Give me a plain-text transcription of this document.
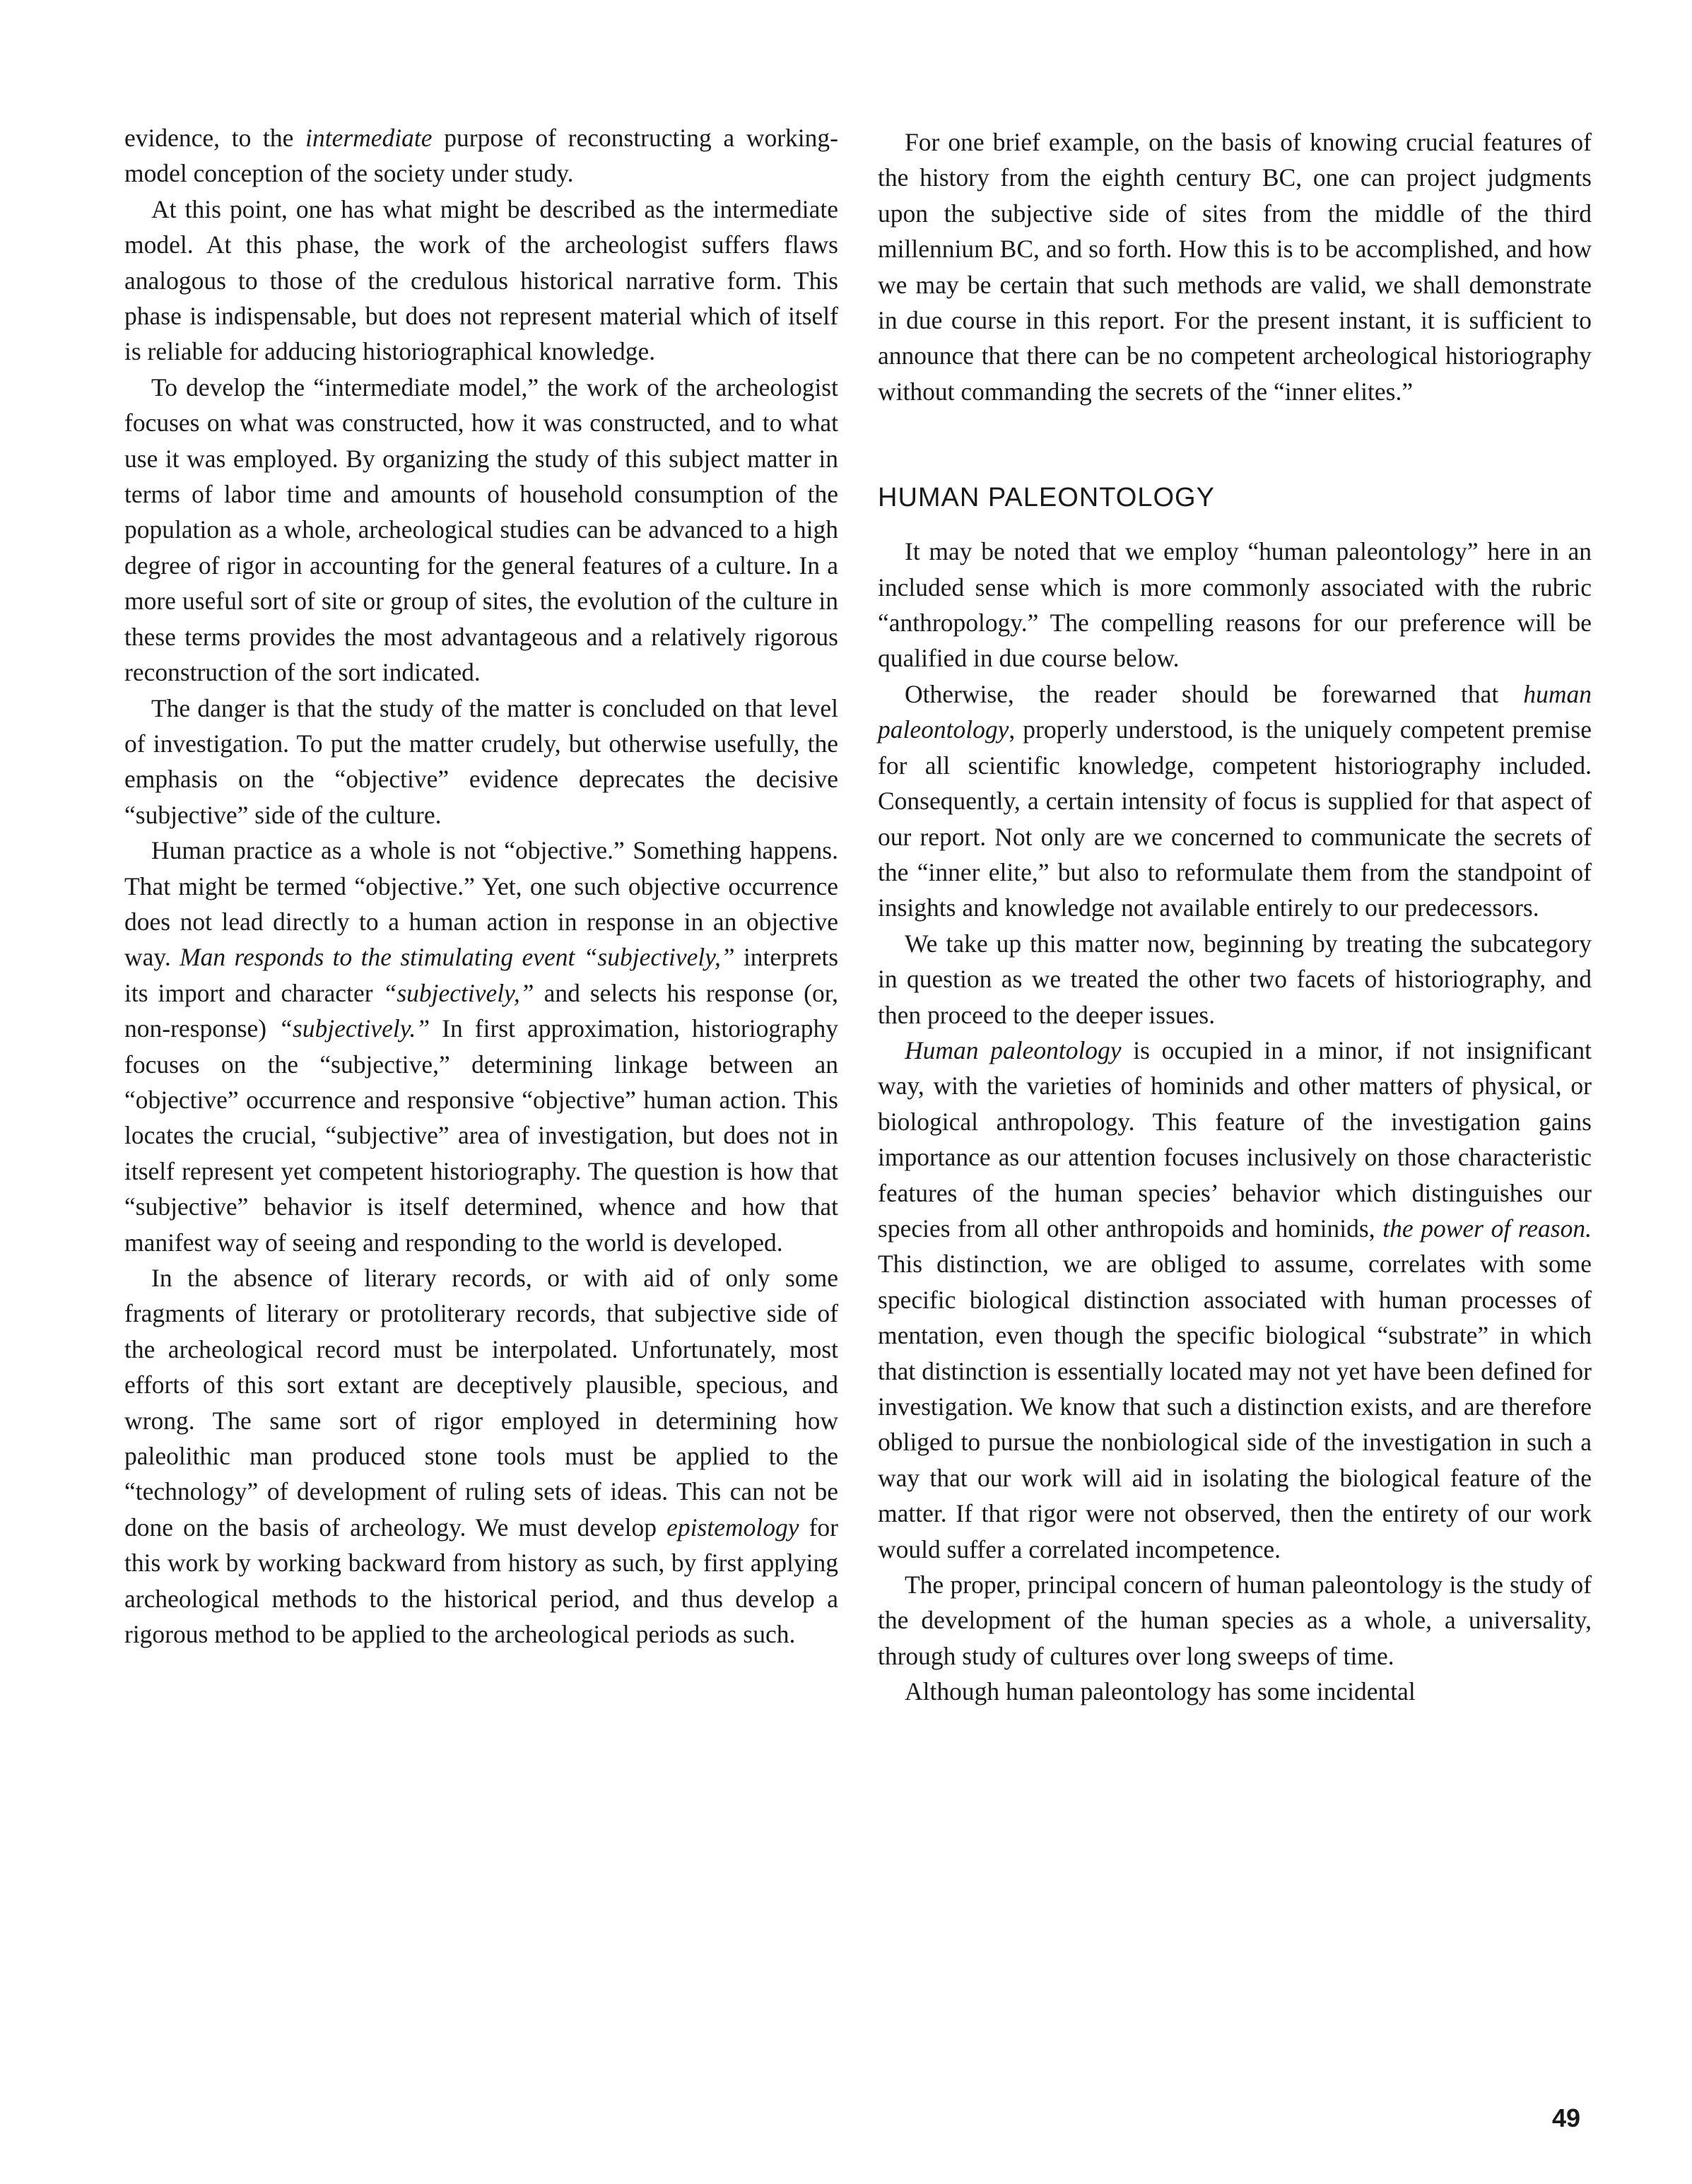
evidence, to the intermediate purpose of reconstructing a working-model conception of the society under study.

At this point, one has what might be described as the intermediate model. At this phase, the work of the archeologist suffers flaws analogous to those of the credulous historical narrative form. This phase is indispensable, but does not represent material which of itself is reliable for adducing historiographical knowledge.

To develop the “intermediate model,” the work of the archeologist focuses on what was constructed, how it was constructed, and to what use it was employed. By organizing the study of this subject matter in terms of labor time and amounts of household consumption of the population as a whole, archeological studies can be advanced to a high degree of rigor in accounting for the general features of a culture. In a more useful sort of site or group of sites, the evolution of the culture in these terms provides the most advantageous and a relatively rigorous reconstruction of the sort indicated.

The danger is that the study of the matter is concluded on that level of investigation. To put the matter crudely, but otherwise usefully, the emphasis on the “objective” evidence deprecates the decisive “subjective” side of the culture.

Human practice as a whole is not “objective.” Something happens. That might be termed “objective.” Yet, one such objective occurrence does not lead directly to a human action in response in an objective way. Man responds to the stimulating event “subjectively,” interprets its import and character “subjectively,” and selects his response (or, non-response) “subjectively.” In first approximation, historiography focuses on the “subjective,” determining linkage between an “objective” occurrence and responsive “objective” human action. This locates the crucial, “subjective” area of investigation, but does not in itself represent yet competent historiography. The question is how that “subjective” behavior is itself determined, whence and how that manifest way of seeing and responding to the world is developed.

In the absence of literary records, or with aid of only some fragments of literary or protoliterary records, that subjective side of the archeological record must be interpolated. Unfortunately, most efforts of this sort extant are deceptively plausible, specious, and wrong. The same sort of rigor employed in determining how paleolithic man produced stone tools must be applied to the “technology” of development of ruling sets of ideas. This can not be done on the basis of archeology. We must develop epistemology for this work by working backward from history as such, by first applying archeological methods to the historical period, and thus develop a rigorous method to be applied to the archeological periods as such.

For one brief example, on the basis of knowing crucial features of the history from the eighth century BC, one can project judgments upon the subjective side of sites from the middle of the third millennium BC, and so forth. How this is to be accomplished, and how we may be certain that such methods are valid, we shall demonstrate in due course in this report. For the present instant, it is sufficient to announce that there can be no competent archeological historiography without commanding the secrets of the “inner elites.”

HUMAN PALEONTOLOGY

It may be noted that we employ “human paleontology” here in an included sense which is more commonly associated with the rubric “anthropology.” The compelling reasons for our preference will be qualified in due course below.

Otherwise, the reader should be forewarned that human paleontology, properly understood, is the uniquely competent premise for all scientific knowledge, competent historiography included. Consequently, a certain intensity of focus is supplied for that aspect of our report. Not only are we concerned to communicate the secrets of the “inner elite,” but also to reformulate them from the standpoint of insights and knowledge not available entirely to our predecessors.

We take up this matter now, beginning by treating the subcategory in question as we treated the other two facets of historiography, and then proceed to the deeper issues.

Human paleontology is occupied in a minor, if not insignificant way, with the varieties of hominids and other matters of physical, or biological anthropology. This feature of the investigation gains importance as our attention focuses inclusively on those characteristic features of the human species’ behavior which distinguishes our species from all other anthropoids and hominids, the power of reason. This distinction, we are obliged to assume, correlates with some specific biological distinction associated with human processes of mentation, even though the specific biological “substrate” in which that distinction is essentially located may not yet have been defined for investigation. We know that such a distinction exists, and are therefore obliged to pursue the nonbiological side of the investigation in such a way that our work will aid in isolating the biological feature of the matter. If that rigor were not observed, then the entirety of our work would suffer a correlated incompetence.

The proper, principal concern of human paleontology is the study of the development of the human species as a whole, a universality, through study of cultures over long sweeps of time.

Although human paleontology has some incidental

49
